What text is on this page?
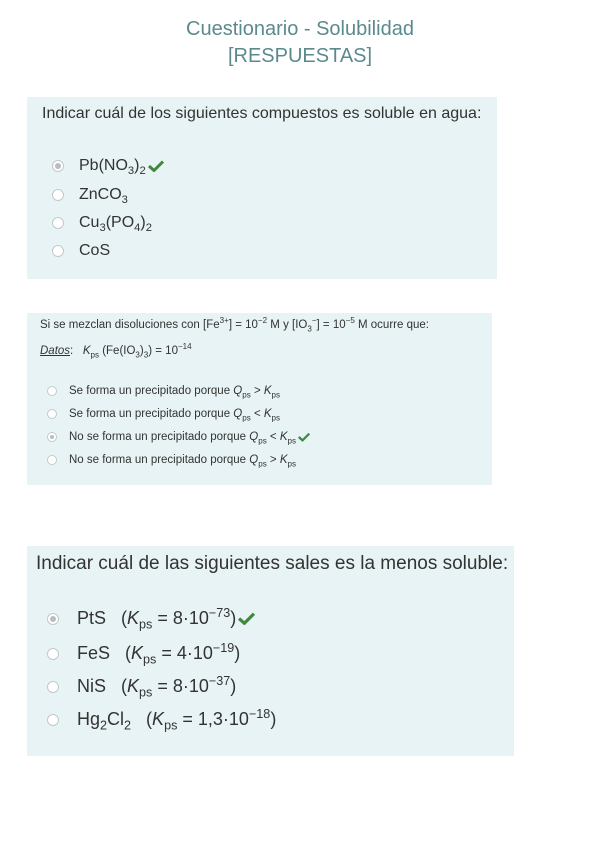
Cuestionario - Solubilidad
[RESPUESTAS]
Indicar cuál de los siguientes compuestos es soluble en agua:
$Pb(NO_3)_2$
ZnCO$_3$
$Cu_3(PO_4)_2$
CoS
Si se mezclan disoluciones con $[Fe^{3+}] = 10^{-2}$ M y $[IO_3^-] = 10^{-5}$ M ocurre que:
Datos:   $K_{ps}$ $(Fe(IO_3)_3) = 10^{-14}$
Se forma un precipitado porque $Q_{ps} > K_{ps}$
Se forma un precipitado porque $Q_{ps} < K_{ps}$
No se forma un precipitado porque $Q_{ps} < K_{ps}$
No se forma un precipitado porque $Q_{ps} > K_{ps}$
Indicar cuál de las siguientes sales es la menos soluble:
PtS   $(K_{ps} = 8\cdot 10^{-73})$
FeS   $(K_{ps} = 4\cdot 10^{-19})$
NiS   $(K_{ps} = 8\cdot 10^{-37})$
$Hg_2Cl_2$   $(K_{ps} = 1,3\cdot 10^{-18})$
